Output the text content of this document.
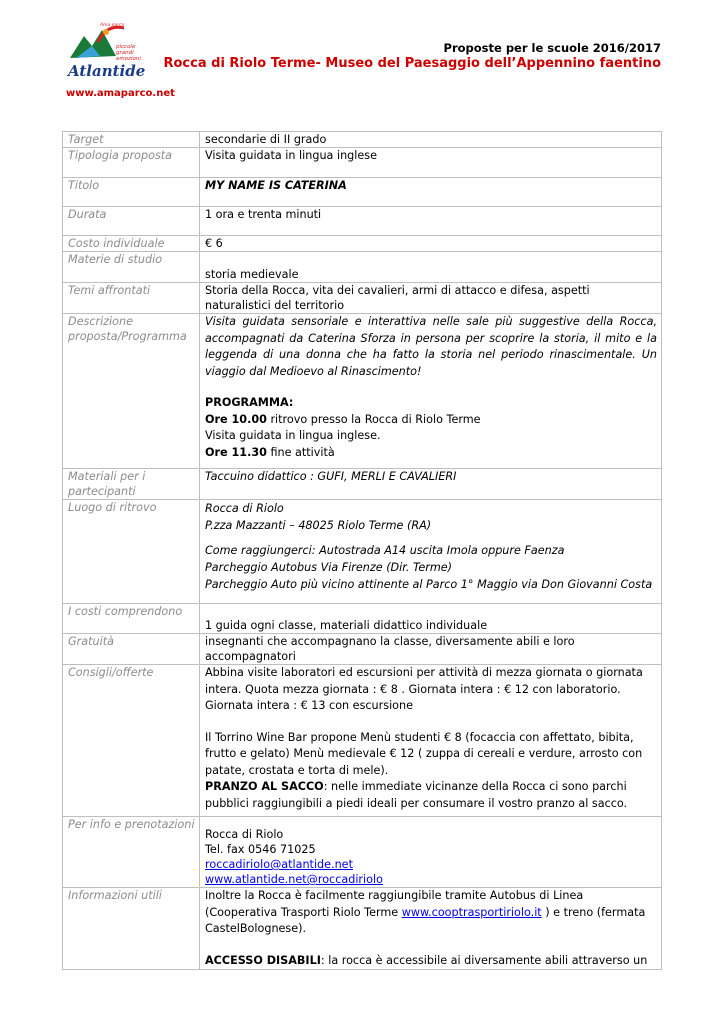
piccole
grandi
emozioni
Ama parco
Atlantide
www.amaparco.net
Proposte per le scuole 2016/2017
Rocca di Riolo Terme- Museo del Paesaggio dell’Appennino faentino
Target	secondarie di II grado
Tipologia proposta	Visita guidata in lingua inglese
Titolo	MY NAME IS CATERINA
Durata	1 ora e trenta minuti
Costo individuale	€ 6
Materie di studio	storia medievale

Temi affrontati	Storia della Rocca, vita dei cavalieri, armi di attacco e difesa, aspetti naturalistici del territorio
Descrizione proposta/Programma	Visita guidata sensoriale e interattiva nelle sale più suggestive della Rocca, accompagnati da Caterina Sforza in persona per scoprire la storia, il mito e la leggenda di una donna che ha fatto la storia nel periodo rinascimentale. Un viaggio dal Medioevo al Rinascimento!
PROGRAMMA:
Ore 10.00 ritrovo presso la Rocca di Riolo Terme
Visita guidata in lingua inglese.
Ore 11.30 fine attività

Materiali per i partecipanti	Taccuino didattico : GUFI, MERLI E CAVALIERI
Luogo di ritrovo	Rocca di Riolo
P.zza Mazzanti – 48025 Riolo Terme (RA)
Come raggiungerci: Autostrada A14 uscita Imola oppure Faenza
Parcheggio Autobus Via Firenze (Dir. Terme)
Parcheggio Auto più vicino attinente al Parco 1° Maggio via Don Giovanni Costa

I costi comprendono	1 guida ogni classe, materiali didattico individuale

Gratuità	insegnanti che accompagnano la classe, diversamente abili e loro accompagnatori
Consigli/offerte	Abbina visite laboratori ed escursioni per attività di mezza giornata o giornata intera. Quota mezza giornata : € 8 . Giornata intera : € 12 con laboratorio. Giornata intera : € 13 con escursione
Il Torrino Wine Bar propone Menù studenti € 8 (focaccia con affettato, bibita, frutto e gelato) Menù medievale € 12 ( zuppa di cereali e verdure, arrosto con patate, crostata e torta di mele).
PRANZO AL SACCO: nelle immediate vicinanze della Rocca ci sono parchi pubblici raggiungibili a piedi ideali per consumare il vostro pranzo al sacco.

Per info e prenotazioni	Rocca di Riolo
Tel. fax 0546 71025
roccadiriolo@atlantide.net
www.atlantide.net@roccadiriolo

Informazioni utili	Inoltre la Rocca è facilmente raggiungibile tramite Autobus di Linea (Cooperativa Trasporti Riolo Terme www.cooptrasportiriolo.it ) e treno (fermata CastelBolognese).
ACCESSO DISABILI: la rocca è accessibile ai diversamente abili attraverso un
